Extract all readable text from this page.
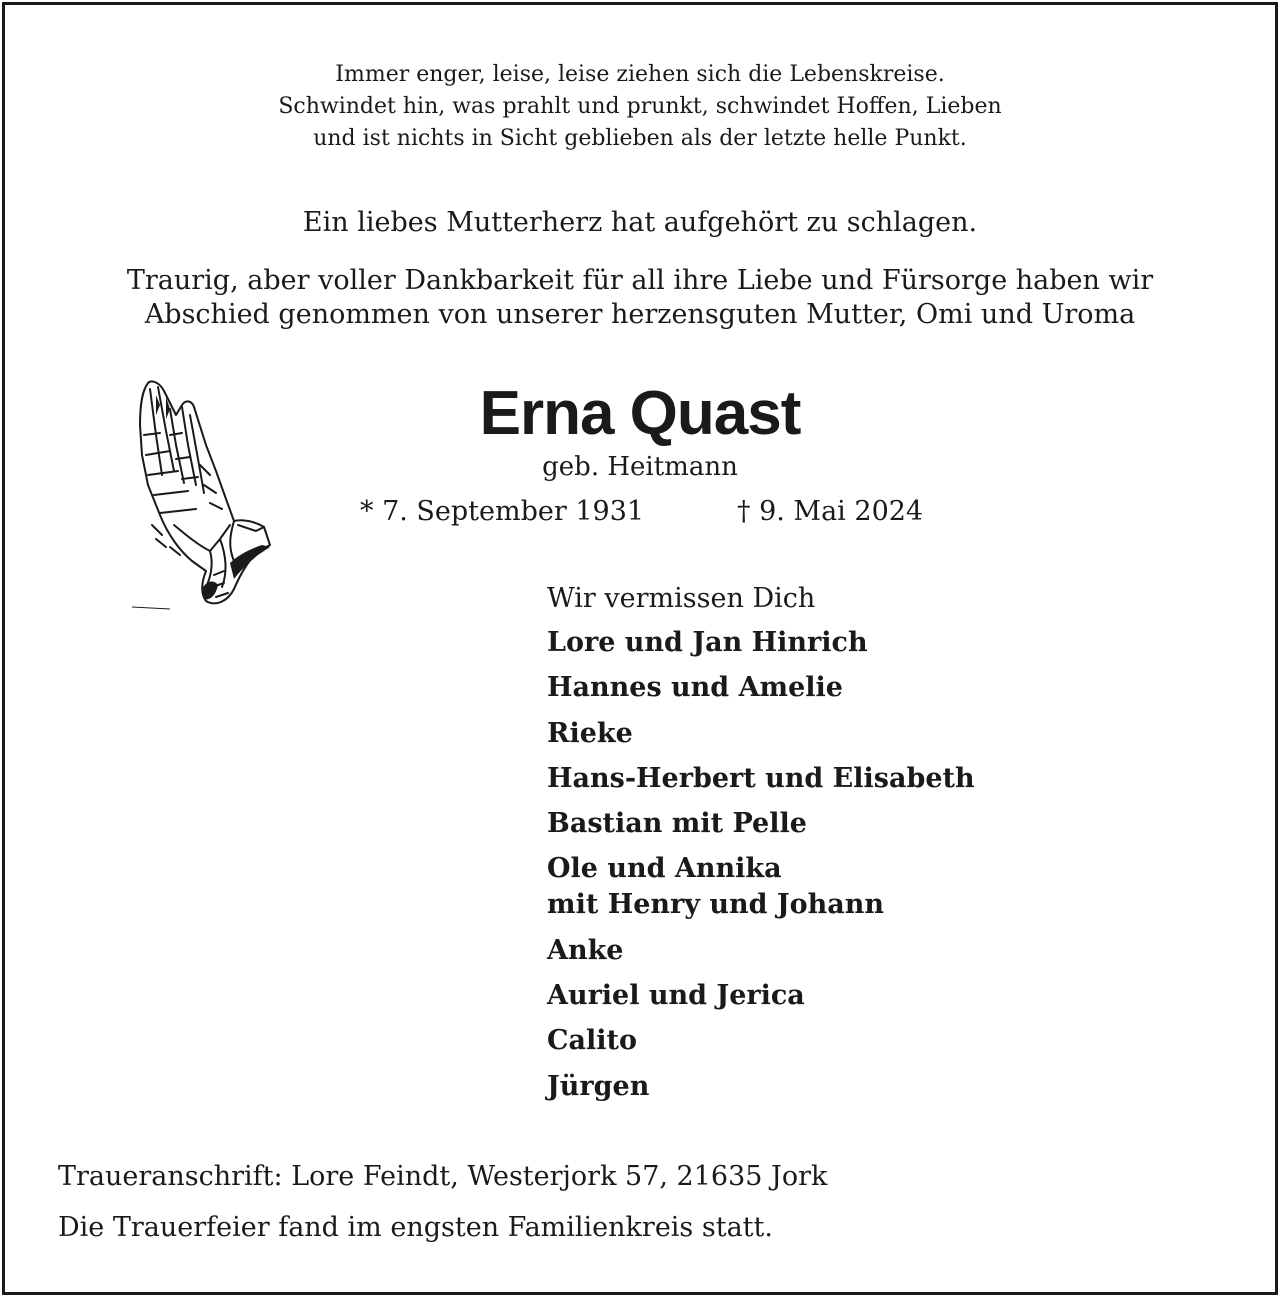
Immer enger, leise, leise ziehen sich die Lebenskreise.
Schwindet hin, was prahlt und prunkt, schwindet Hoffen, Lieben
und ist nichts in Sicht geblieben als der letzte helle Punkt.

Ein liebes Mutterherz hat aufgehört zu schlagen.

Traurig, aber voller Dankbarkeit für all ihre Liebe und Fürsorge haben wir
Abschied genommen von unserer herzensguten Mutter, Omi und Uroma

Erna Quast

geb. Heitmann

* 7. September 1931	† 9. Mai 2024

Wir vermissen Dich
Lore und Jan Hinrich
Hannes und Amelie
Rieke
Hans-Herbert und Elisabeth
Bastian mit Pelle
Ole und Annika
mit Henry und Johann
Anke
Auriel und Jerica
Calito
Jürgen

Traueranschrift: Lore Feindt, Westerjork 57, 21635 Jork

Die Trauerfeier fand im engsten Familienkreis statt.
